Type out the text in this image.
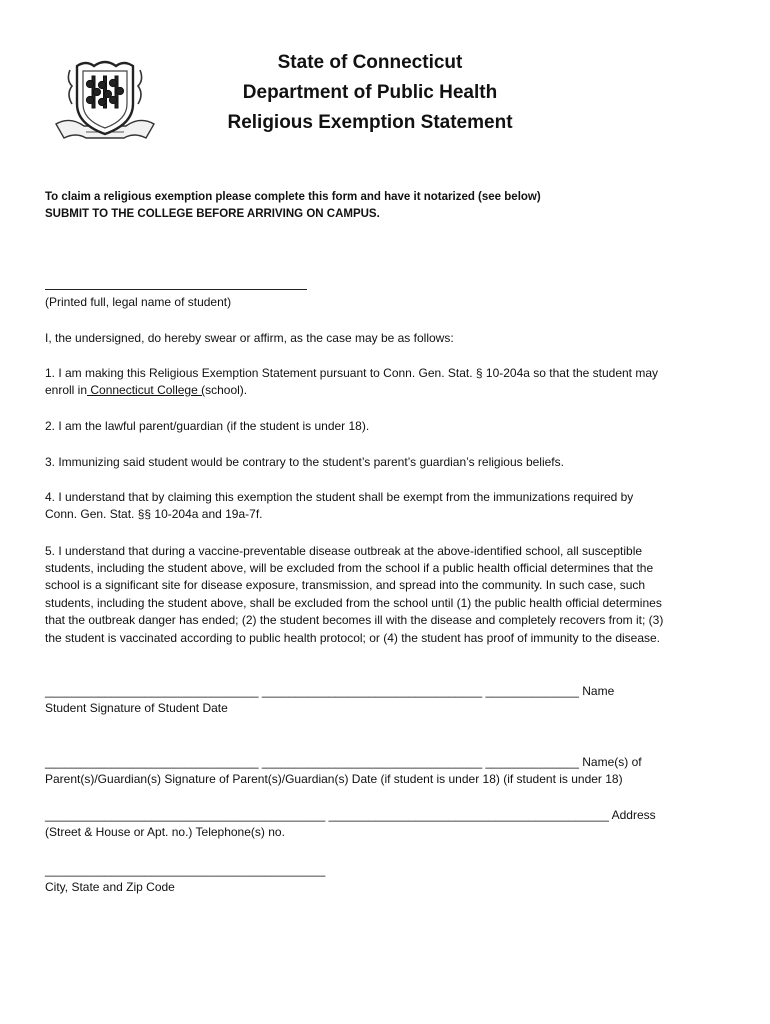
State of Connecticut
Department of Public Health
Religious Exemption Statement
To claim a religious exemption please complete this form and have it notarized (see below)
SUBMIT TO THE COLLEGE BEFORE ARRIVING ON CAMPUS.
(Printed full, legal name of student)
I, the undersigned, do hereby swear or affirm, as the case may be as follows:
1. I am making this Religious Exemption Statement pursuant to Conn. Gen. Stat. § 10-204a so that the student may
enroll in Connecticut College (school).
2. I am the lawful parent/guardian (if the student is under 18).
3. Immunizing said student would be contrary to the student’s parent’s guardian’s religious beliefs.
4. I understand that by claiming this exemption the student shall be exempt from the immunizations required by
Conn. Gen. Stat. §§ 10-204a and 19a-7f.
5. I understand that during a vaccine-preventable disease outbreak at the above-identified school, all susceptible
students, including the student above, will be excluded from the school if a public health official determines that the
school is a significant site for disease exposure, transmission, and spread into the community. In such case, such
students, including the student above, shall be excluded from the school until (1) the public health official determines
that the outbreak danger has ended; (2) the student becomes ill with the disease and completely recovers from it; (3)
the student is vaccinated according to public health protocol; or (4) the student has proof of immunity to the disease.
________________________________ _________________________________ ______________ Name
Student Signature of Student Date
________________________________ _________________________________ ______________ Name(s) of
Parent(s)/Guardian(s) Signature of Parent(s)/Guardian(s) Date (if student is under 18) (if student is under 18)
__________________________________________ __________________________________________ Address
(Street & House or Apt. no.) Telephone(s) no.
__________________________________________
City, State and Zip Code
